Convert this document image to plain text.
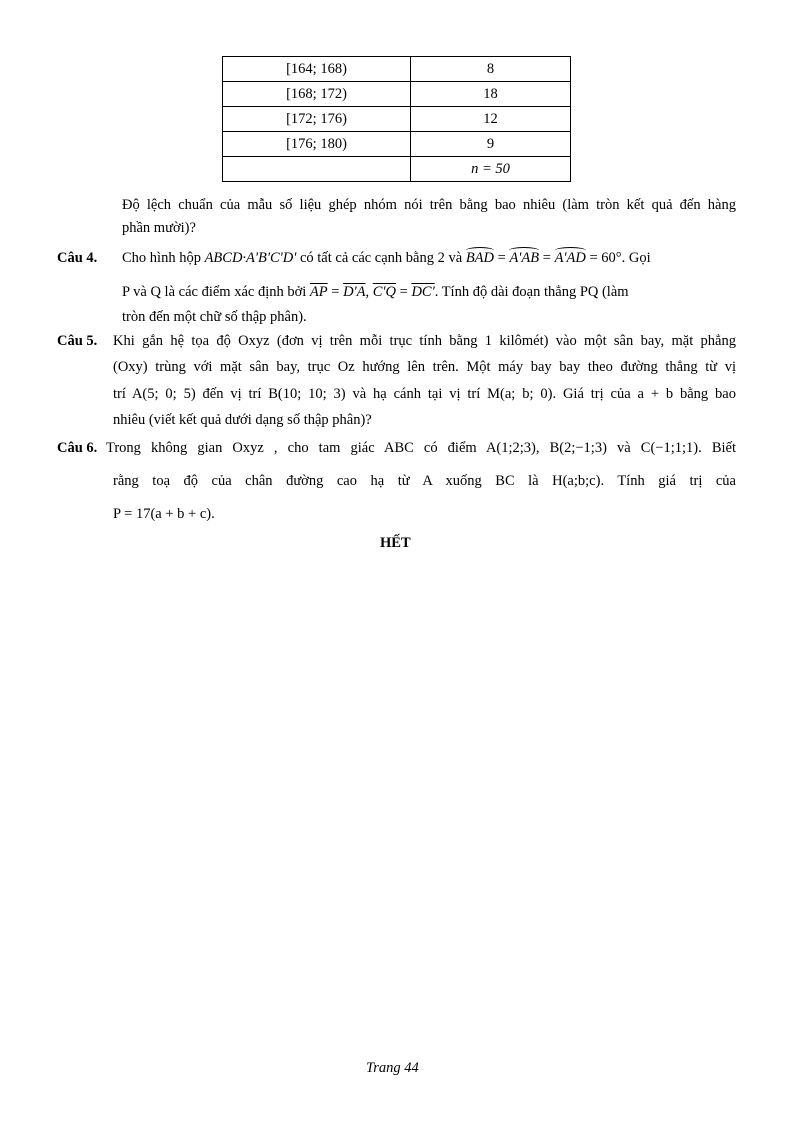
[164; 168)	8
[168; 172)	18
[172; 176)	12
[176; 180)	9
	n = 50
Độ lệch chuẩn của mẫu số liệu ghép nhóm nói trên bằng bao nhiêu (làm tròn kết quả đến hàng
phần mười)?
Câu 4. Cho hình hộp ABCD·A'B'C'D' có tất cả các cạnh bằng 2 và BAD = A'AB = A'AD = 60°. Gọi
P và Q là các điểm xác định bởi $\overline{AP} = D'A$, C'Q = DC'. Tính độ dài đoạn thẳng PQ (làm
tròn đến một chữ số thập phân).
Câu 5. Khi gắn hệ tọa độ Oxyz (đơn vị trên mỗi trục tính bằng 1 kilômét) vào một sân bay, mặt phẳng
(Oxy) trùng với mặt sân bay, trục Oz hướng lên trên. Một máy bay bay theo đường thẳng từ vị
trí A(5; 0; 5) đến vị trí B(10; 10; 3) và hạ cánh tại vị trí M(a; b; 0). Giá trị của a + b bằng bao
nhiêu (viết kết quả dưới dạng số thập phân)?
Câu 6. Trong không gian Oxyz , cho tam giác ABC có điểm A(1;2;3), B(2;−1;3) và C(−1;1;1). Biết
rằng toạ độ của chân đường cao hạ từ A xuống BC là H(a;b;c). Tính giá trị của
P = 17(a + b + c).
HẾT
Trang 44
